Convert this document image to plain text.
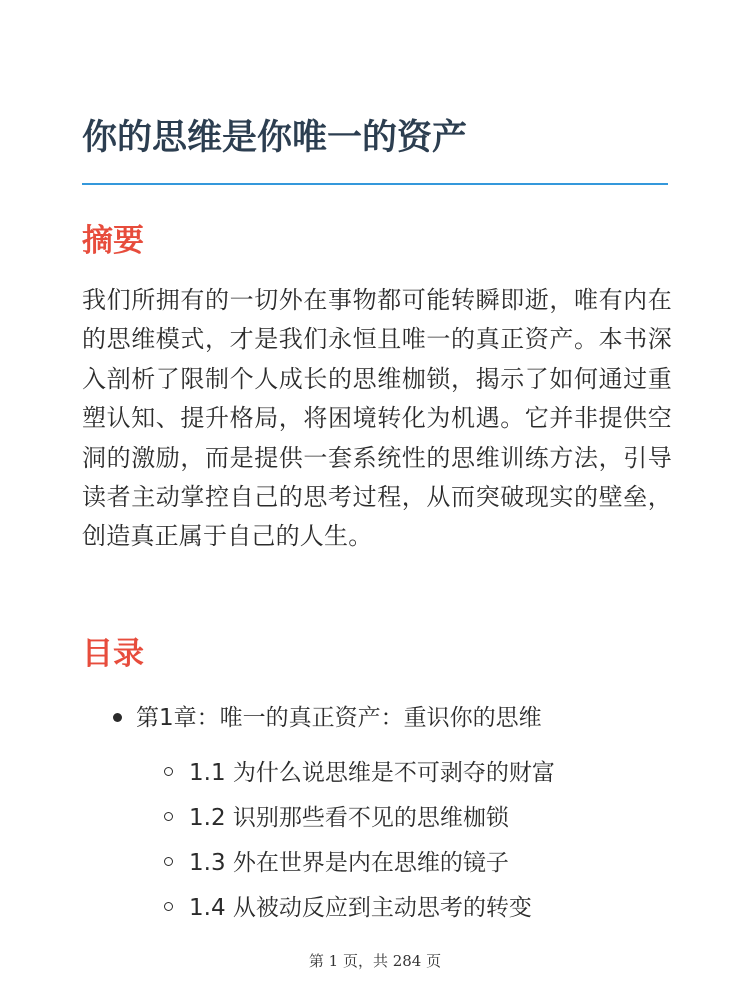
你的思维是你唯一的资产
摘要

我们所拥有的一切外在事物都可能转瞬即逝，唯有内在的思维模式，才是我们永恒且唯一的真正资产。本书深入剖析了限制个人成长的思维枷锁，揭示了如何通过重塑认知、提升格局，将困境转化为机遇。它并非提供空洞的激励，而是提供一套系统性的思维训练方法，引导读者主动掌控自己的思考过程，从而突破现实的壁垒，创造真正属于自己的人生。

目录
第1章：唯一的真正资产：重识你的思维
1.1 为什么说思维是不可剥夺的财富
1.2 识别那些看不见的思维枷锁
1.3 外在世界是内在思维的镜子
1.4 从被动反应到主动思考的转变
第 1 页，共 284 页
